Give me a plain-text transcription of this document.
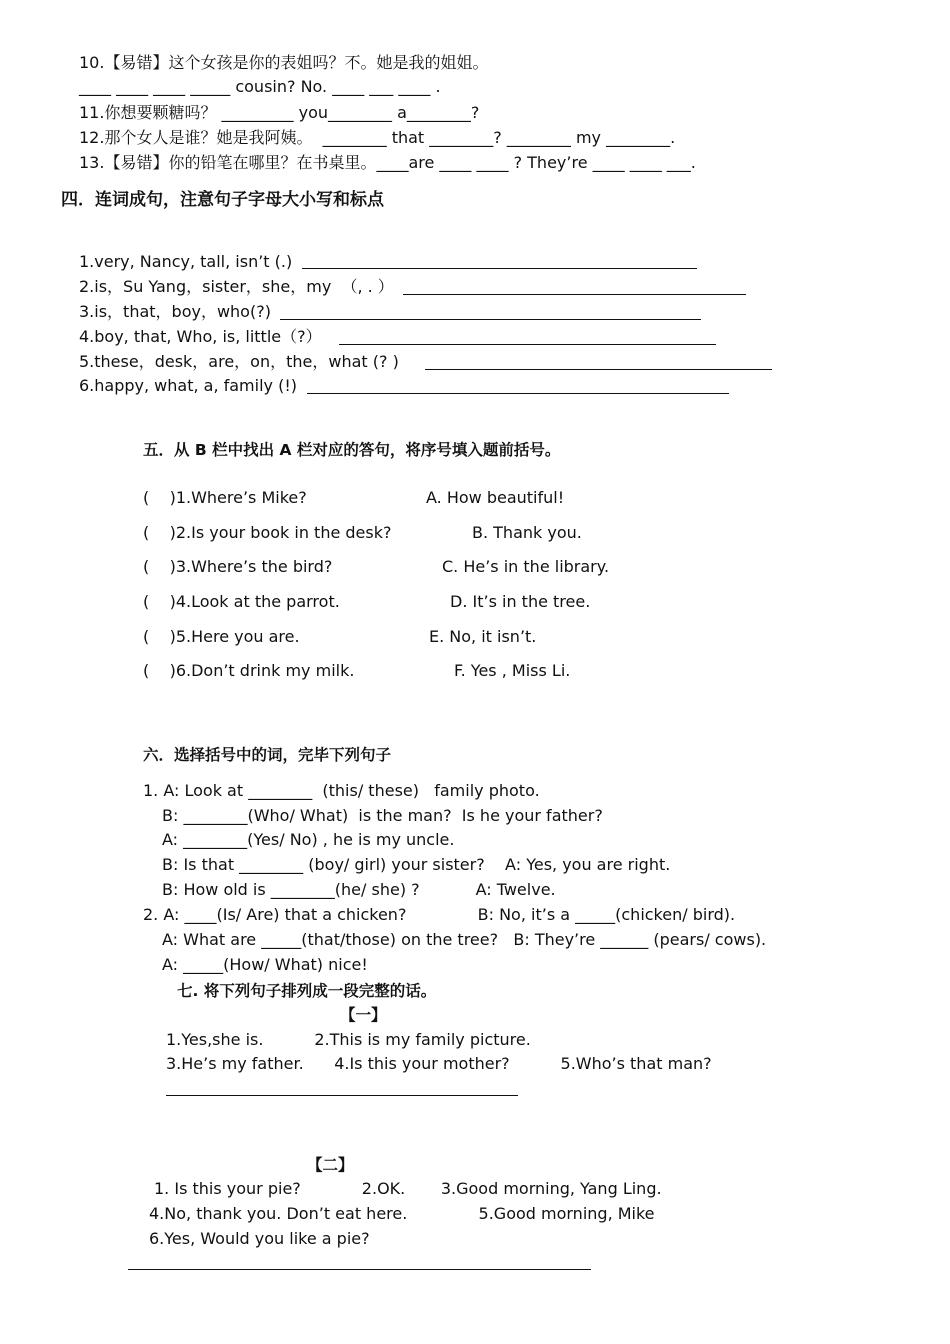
10.【易错】这个女孩是你的表姐吗？不。她是我的姐姐。
____ ____ ____ _____ cousin? No. ____ ___ ____ .
11.你想要颗糖吗？ _________ you________ a________?
12.那个女人是谁？她是我阿姨。  ________ that ________? ________ my ________.
13.【易错】你的铅笔在哪里？在书桌里。____are ____ ____ ? They’re ____ ____ ___.
四．连词成句，注意句子字母大小写和标点
1.very, Nancy, tall, isn’t (.)
2.is，Su Yang，sister，she，my  （, . ）
3.is，that，boy，who(?)
4.boy, that, Who, is, little（?）
5.these，desk，are，on，the，what (? )
6.happy, what, a, family (!)
五．从 B 栏中找出 A 栏对应的答句，将序号填入题前括号。
(    )1.Where’s Mike?	A. How beautiful!
(    )2.Is your book in the desk?	B. Thank you.
(    )3.Where’s the bird?	C. He’s in the library.
(    )4.Look at the parrot.	D. It’s in the tree.
(    )5.Here you are.	E. No, it isn’t.
(    )6.Don’t drink my milk.	F. Yes , Miss Li.
六．选择括号中的词，完毕下列句子
1. A: Look at ________  (this/ these)   family photo.
B: ________(Who/ What)  is the man?  Is he your father?
A: ________(Yes/ No) , he is my uncle.
B: Is that ________ (boy/ girl) your sister?    A: Yes, you are right.
B: How old is ________(he/ she) ?           A: Twelve.
2. A: ____(Is/ Are) that a chicken?              B: No, it’s a _____(chicken/ bird).
A: What are _____(that/those) on the tree?   B: They’re ______ (pears/ cows).
A: _____(How/ What) nice!
七. 将下列句子排列成一段完整的话。
【一】
1.Yes,she is.          2.This is my family picture.
3.He’s my father.      4.Is this your mother?          5.Who’s that man?
【二】
1. Is this your pie?            2.OK.       3.Good morning, Yang Ling.
4.No, thank you. Don’t eat here.              5.Good morning, Mike
6.Yes, Would you like a pie?
